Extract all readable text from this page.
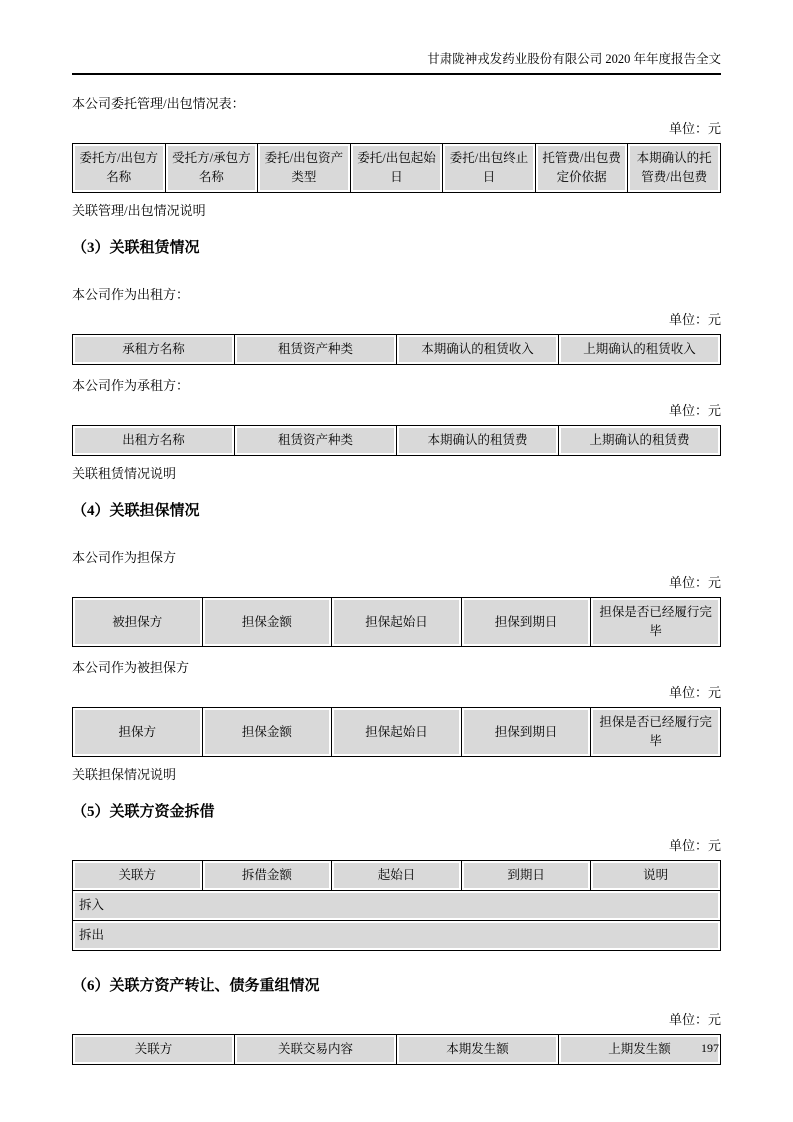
甘肃陇神戎发药业股份有限公司 2020 年年度报告全文

本公司委托管理/出包情况表：

单位：元
委托方/出包方名称	受托方/承包方名称	委托/出包资产类型	委托/出包起始日	委托/出包终止日	托管费/出包费定价依据	本期确认的托管费/出包费

关联管理/出包情况说明

（3）关联租赁情况

本公司作为出租方：

单位：元
承租方名称	租赁资产种类	本期确认的租赁收入	上期确认的租赁收入

本公司作为承租方：

单位：元
出租方名称	租赁资产种类	本期确认的租赁费	上期确认的租赁费

关联租赁情况说明

（4）关联担保情况

本公司作为担保方

单位：元
被担保方	担保金额	担保起始日	担保到期日	担保是否已经履行完毕

本公司作为被担保方

单位：元
担保方	担保金额	担保起始日	担保到期日	担保是否已经履行完毕

关联担保情况说明

（5）关联方资金拆借
单位：元
关联方	拆借金额	起始日	到期日	说明
拆入
拆出
（6）关联方资产转让、债务重组情况
单位：元
关联方	关联交易内容	本期发生额	上期发生额	197
